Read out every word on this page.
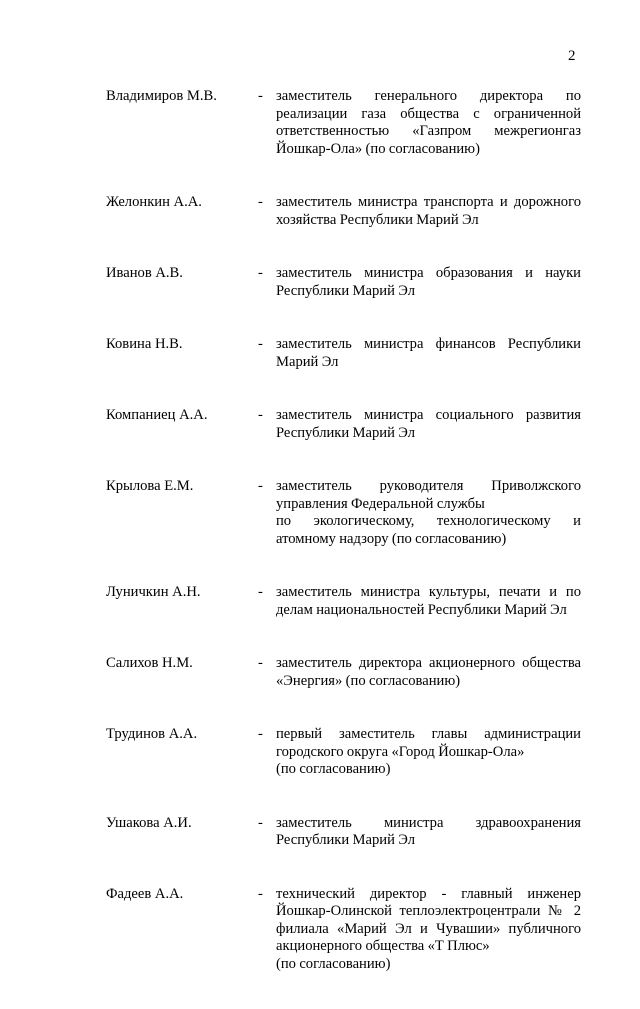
2
Владимиров М.В.	- заместитель генерального директора по реализации газа общества с ограниченной ответственностью «Газпром межрегионгаз Йошкар-Ола» (по согласованию)
Желонкин А.А.	- заместитель министра транспорта и дорожного хозяйства Республики Марий Эл
Иванов А.В.	- заместитель министра образования и науки Республики Марий Эл
Ковина Н.В.	- заместитель министра финансов Республики Марий Эл
Компаниец А.А.	- заместитель министра социального развития Республики Марий Эл
Крылова Е.М.	- заместитель руководителя Приволжского управления Федеральной службы
по экологическому, технологическому и атомному надзору (по согласованию)
Луничкин А.Н.	- заместитель министра культуры, печати и по делам национальностей Республики Марий Эл
Салихов Н.М.	- заместитель директора акционерного общества «Энергия» (по согласованию)
Трудинов А.А.	- первый заместитель главы администрации городского округа «Город Йошкар-Ола»
(по согласованию)
Ушакова А.И.	- заместитель министра здравоохранения Республики Марий Эл
Фадеев А.А.	- технический директор - главный инженер Йошкар-Олинской теплоэлектроцентрали № 2 филиала «Марий Эл и Чувашии» публичного акционерного общества «Т Плюс»
(по согласованию)
